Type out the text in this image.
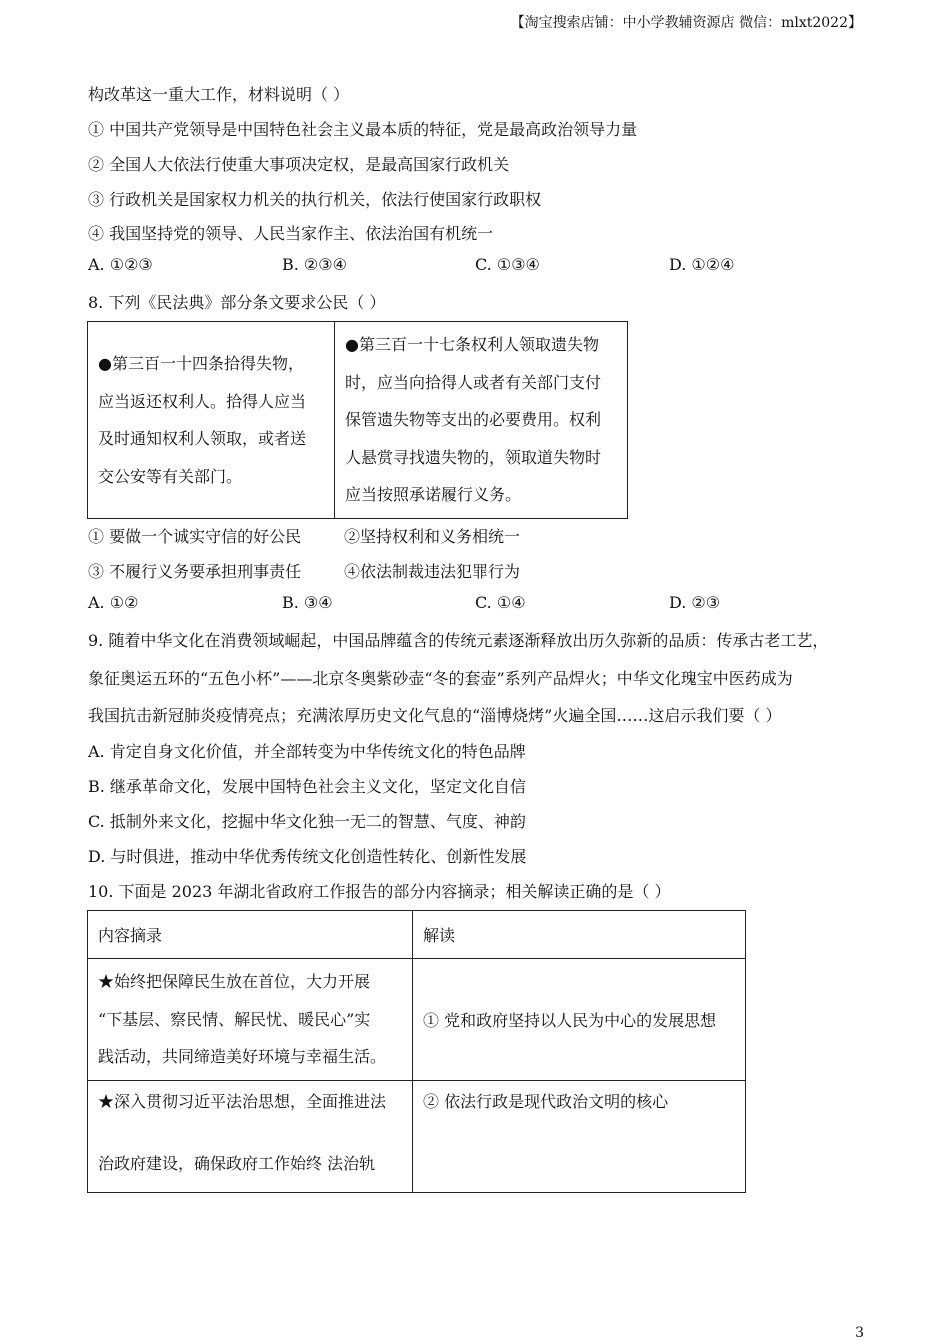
【淘宝搜索店铺：中小学教辅资源店 微信：mlxt2022】
构改革这一重大工作，材料说明（ ）
① 中国共产党领导是中国特色社会主义最本质的特征，党是最高政治领导力量
② 全国人大依法行使重大事项决定权，是最高国家行政机关
③ 行政机关是国家权力机关的执行机关，依法行使国家行政职权
④ 我国坚持党的领导、人民当家作主、依法治国有机统一
A. ①②③	B. ②③④	C. ①③④	D. ①②④
8. 下列《民法典》部分条文要求公民（ ）
●第三百一十四条拾得失物，
应当返还权利人。拾得人应当
及时通知权利人领取，或者送
交公安等有关部门。

●第三百一十七条权利人领取遗失物
时，应当向拾得人或者有关部门支付
保管遗失物等支出的必要费用。权利
人悬赏寻找遗失物的，领取道失物时
应当按照承诺履行义务。
① 要做一个诚实守信的好公民	②坚持权利和义务相统一
③ 不履行义务要承担刑事责任	④依法制裁违法犯罪行为
A. ①②	B. ③④	C. ①④	D. ②③
9. 随着中华文化在消费领域崛起，中国品牌蕴含的传统元素逐渐释放出历久弥新的品质：传承古老工艺，
象征奥运五环的“五色小杯”——北京冬奥紫砂壶“冬的套壶”系列产品焊火；中华文化瑰宝中医药成为
我国抗击新冠肺炎疫情亮点；充满浓厚历史文化气息的“淄博烧烤”火遍全国……这启示我们要（ ）
A. 肯定自身文化价值，并全部转变为中华传统文化的特色品牌
B. 继承革命文化，发展中国特色社会主义文化，坚定文化自信
C. 抵制外来文化，挖掘中华文化独一无二的智慧、气度、神韵
D. 与时俱进，推动中华优秀传统文化创造性转化、创新性发展
10. 下面是 2023 年湖北省政府工作报告的部分内容摘录；相关解读正确的是（ ）
内容摘录	解读

★始终把保障民生放在首位，大力开展
“下基层、察民情、解民忧、暖民心”实
践活动，共同缔造美好环境与幸福生活。	① 党和政府坚持以人民为中心的发展思想

★深入贯彻习近平法治思想，全面推进法
治政府建设，确保政府工作始终 法治轨	② 依法行政是现代政治文明的核心
3
